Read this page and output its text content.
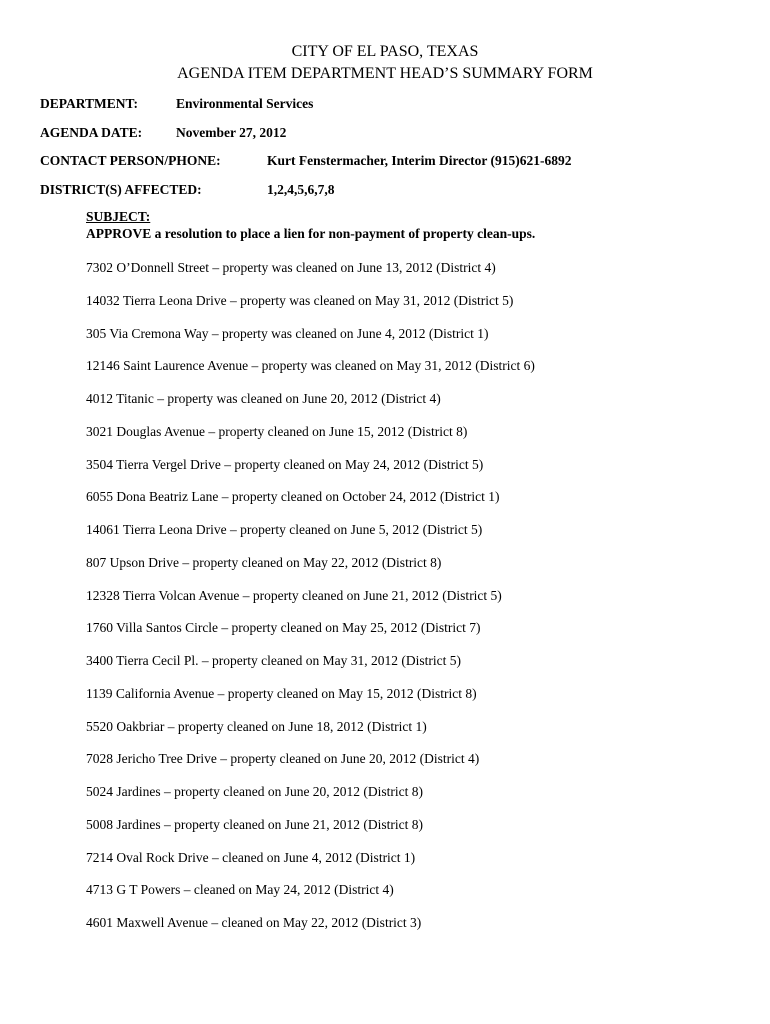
CITY OF EL PASO, TEXAS
AGENDA ITEM DEPARTMENT HEAD’S SUMMARY FORM
DEPARTMENT:	Environmental Services
AGENDA DATE:	November 27, 2012
CONTACT PERSON/PHONE:	Kurt Fenstermacher, Interim Director (915)621-6892
DISTRICT(S) AFFECTED:	1,2,4,5,6,7,8
SUBJECT:
APPROVE a resolution to place a lien for non-payment of property clean-ups.
7302 O’Donnell Street – property was cleaned on June 13, 2012 (District 4)
14032 Tierra Leona Drive – property was cleaned on May 31, 2012 (District 5)
305 Via Cremona Way – property was cleaned on June 4, 2012 (District 1)
12146 Saint Laurence Avenue – property was cleaned on May 31, 2012 (District 6)
4012 Titanic – property was cleaned on June 20, 2012 (District 4)
3021 Douglas Avenue – property cleaned on June 15, 2012 (District 8)
3504 Tierra Vergel Drive – property cleaned on May 24, 2012 (District 5)
6055 Dona Beatriz Lane – property cleaned on October 24, 2012 (District 1)
14061 Tierra Leona Drive – property cleaned on June 5, 2012 (District 5)
807 Upson Drive – property cleaned on May 22, 2012 (District 8)
12328 Tierra Volcan Avenue – property cleaned on June 21, 2012 (District 5)
1760 Villa Santos Circle – property cleaned on May 25, 2012 (District 7)
3400 Tierra Cecil Pl. – property cleaned on May 31, 2012 (District 5)
1139 California Avenue – property cleaned on May 15, 2012 (District 8)
5520 Oakbriar – property cleaned on June 18, 2012 (District 1)
7028 Jericho Tree Drive – property cleaned on June 20, 2012 (District 4)
5024 Jardines – property cleaned on June 20, 2012 (District 8)
5008 Jardines – property cleaned on June 21, 2012 (District 8)
7214 Oval Rock Drive – cleaned on June 4, 2012 (District 1)
4713 G T Powers – cleaned on May 24, 2012 (District 4)
4601 Maxwell Avenue – cleaned on May 22, 2012 (District 3)
